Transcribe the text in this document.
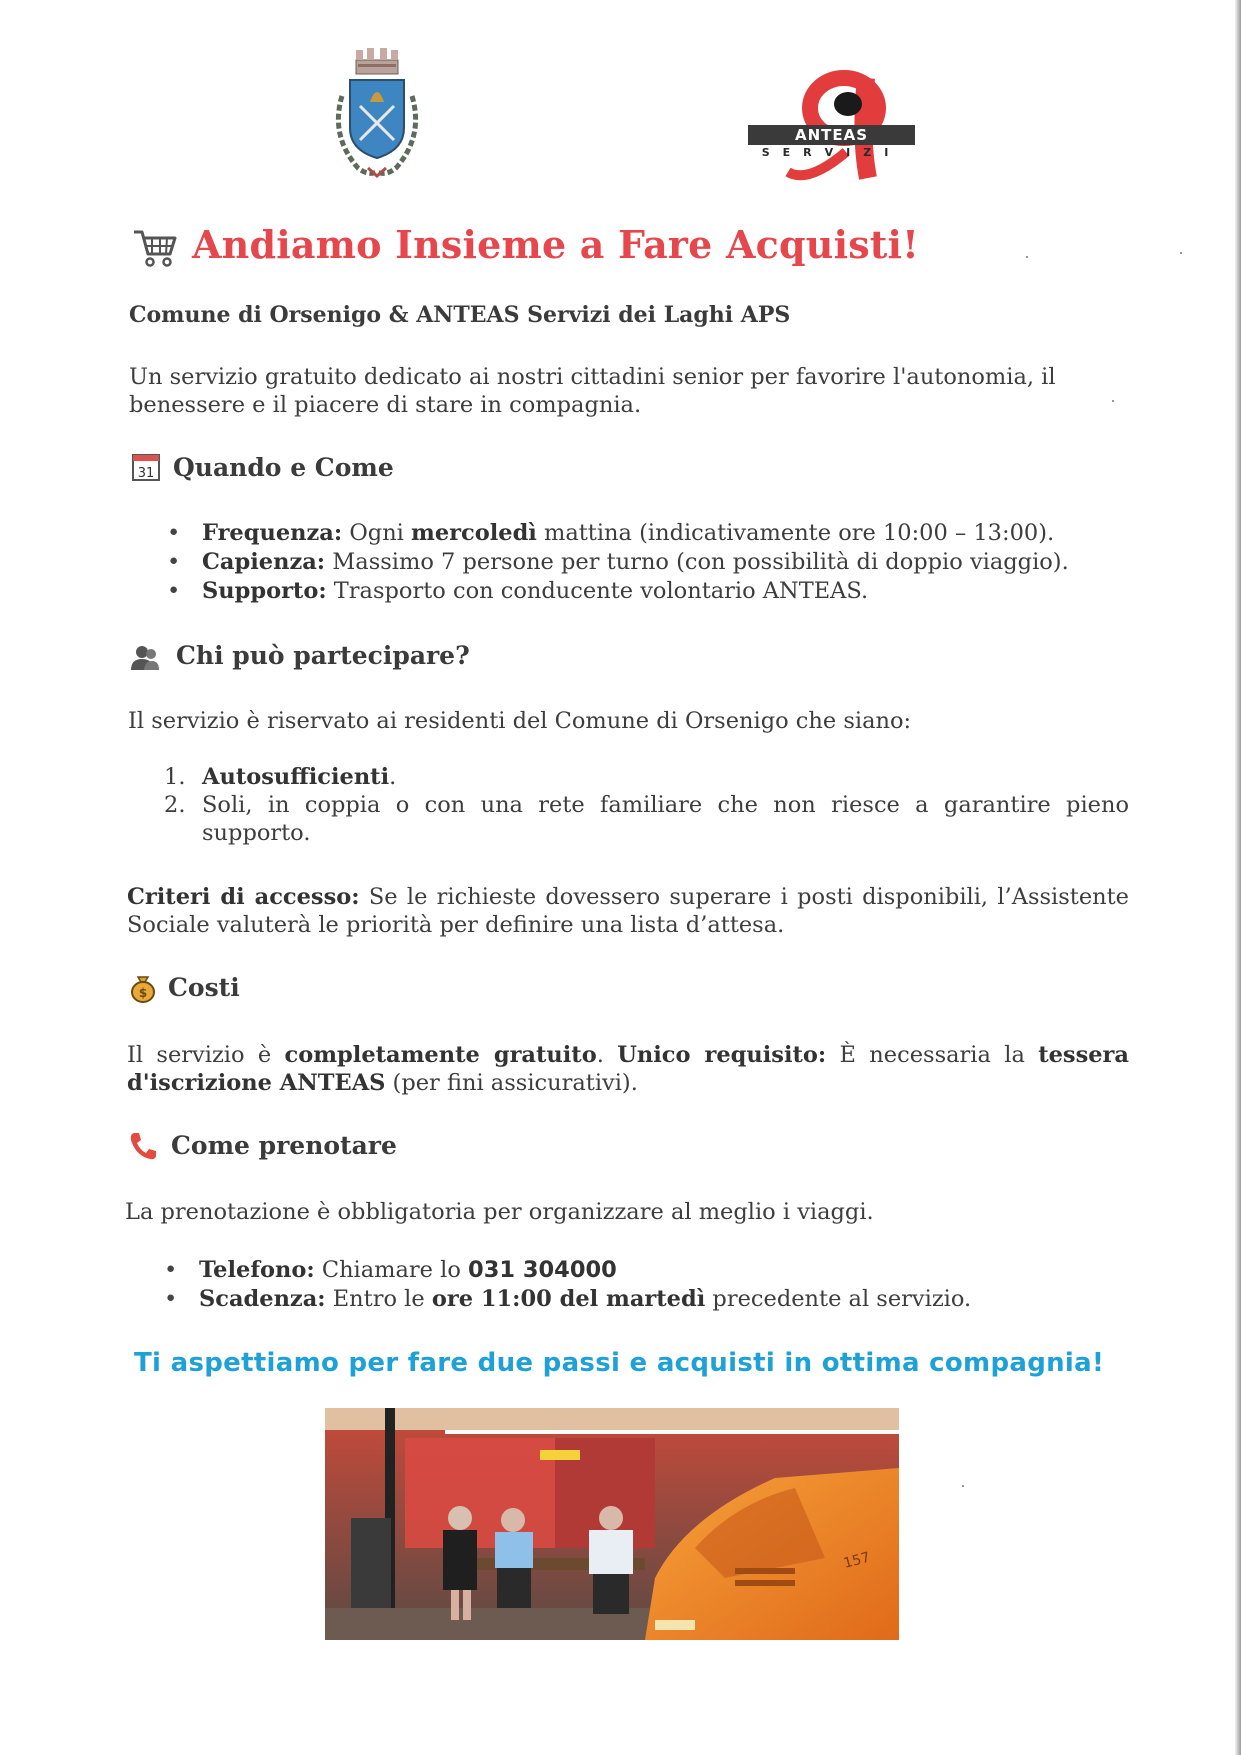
ANTEAS
SERVIZI
Andiamo Insieme a Fare Acquisti!
Comune di Orsenigo & ANTEAS Servizi dei Laghi APS
Un servizio gratuito dedicato ai nostri cittadini senior per favorire l'autonomia, il benessere e il piacere di stare in compagnia.
31 Quando e Come
• Frequenza: Ogni mercoledì mattina (indicativamente ore 10:00 – 13:00).
• Capienza: Massimo 7 persone per turno (con possibilità di doppio viaggio).
• Supporto: Trasporto con conducente volontario ANTEAS.
Chi può partecipare?
Il servizio è riservato ai residenti del Comune di Orsenigo che siano:
1. Autosufficienti.
2. Soli, in coppia o con una rete familiare che non riesce a garantire pieno supporto.
Criteri di accesso: Se le richieste dovessero superare i posti disponibili, l’Assistente Sociale valuterà le priorità per definire una lista d’attesa.
$ Costi
Il servizio è completamente gratuito. Unico requisito: È necessaria la tessera d'iscrizione ANTEAS (per fini assicurativi).
Come prenotare
La prenotazione è obbligatoria per organizzare al meglio i viaggi.
• Telefono: Chiamare lo 031 304000
• Scadenza: Entro le ore 11:00 del martedì precedente al servizio.
Ti aspettiamo per fare due passi e acquisti in ottima compagnia!
157
